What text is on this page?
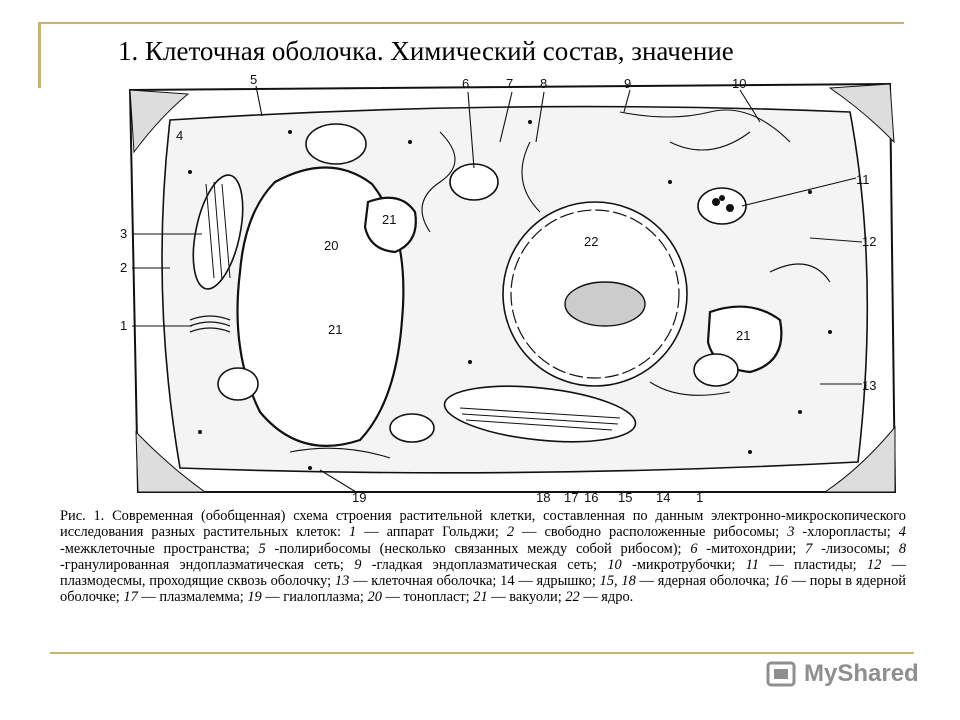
1. Клеточная оболочка. Химический состав, значение
1
2
3
4
5	6	7 8	9	10
11
12
13
19
20
21
21	21
22
18 17 16 15 14 1
Рис. 1. Современная (обобщенная) схема строения растительной клетки, составленная по данным электронно-микроскопического исследования разных растительных клеток: 1 — аппарат Гольджи; 2 — свободно расположенные рибосомы; 3 -хлоропласты; 4 -межклеточные пространства; 5 -полирибосомы (несколько связанных между собой рибосом); 6 -митохондрии; 7 -лизосомы; 8 -гранулированная эндоплазматическая сеть; 9 -гладкая эндоплазматическая сеть; 10 -микротрубочки; 11 — пластиды; 12 — плазмодесмы, проходящие сквозь оболочку; 13 — клеточная оболочка; 14 — ядрышко; 15, 18 — ядерная оболочка; 16 — поры в ядерной оболочке; 17 — плазмалемма; 19 — гиалоплазма; 20 — тонопласт; 21 — вакуоли; 22 — ядро.
MyShared
